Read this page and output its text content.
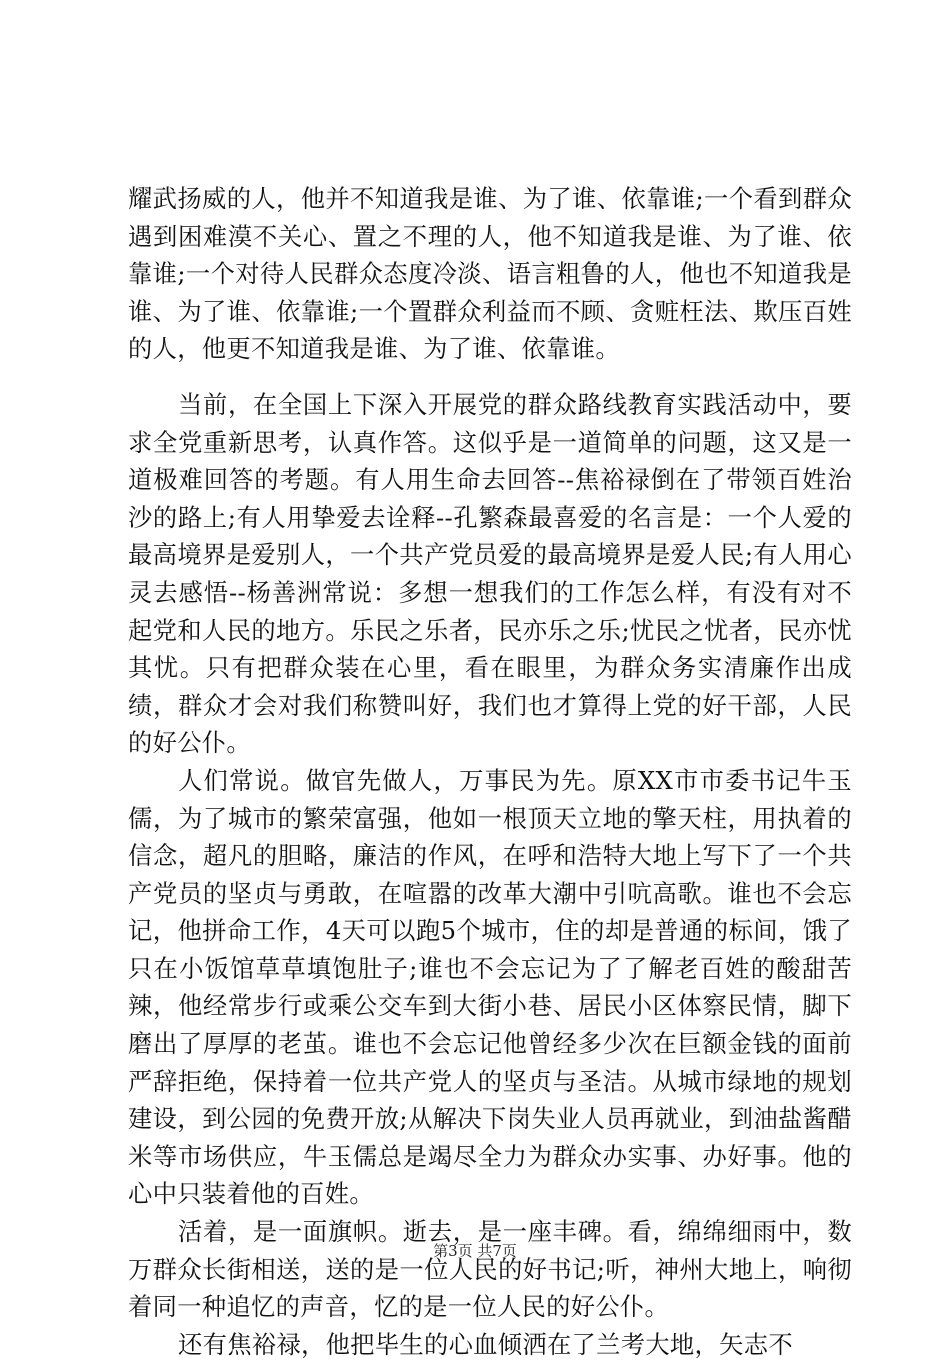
耀武扬威的人，他并不知道我是谁、为了谁、依靠谁;一个看到群众遇到困难漠不关心、置之不理的人，他不知道我是谁、为了谁、依靠谁;一个对待人民群众态度冷淡、语言粗鲁的人，他也不知道我是谁、为了谁、依靠谁;一个置群众利益而不顾、贪赃枉法、欺压百姓的人，他更不知道我是谁、为了谁、依靠谁。

当前，在全国上下深入开展党的群众路线教育实践活动中，要求全党重新思考，认真作答。这似乎是一道简单的问题，这又是一道极难回答的考题。有人用生命去回答--焦裕禄倒在了带领百姓治沙的路上;有人用挚爱去诠释--孔繁森最喜爱的名言是：一个人爱的最高境界是爱别人，一个共产党员爱的最高境界是爱人民;有人用心灵去感悟--杨善洲常说：多想一想我们的工作怎么样，有没有对不起党和人民的地方。乐民之乐者，民亦乐之乐;忧民之忧者，民亦忧其忧。只有把群众装在心里，看在眼里，为群众务实清廉作出成绩，群众才会对我们称赞叫好，我们也才算得上党的好干部，人民的好公仆。

人们常说。做官先做人，万事民为先。原XX市市委书记牛玉儒，为了城市的繁荣富强，他如一根顶天立地的擎天柱，用执着的信念，超凡的胆略，廉洁的作风，在呼和浩特大地上写下了一个共产党员的坚贞与勇敢，在喧嚣的改革大潮中引吭高歌。谁也不会忘记，他拼命工作，4天可以跑5个城市，住的却是普通的标间，饿了只在小饭馆草草填饱肚子;谁也不会忘记为了了解老百姓的酸甜苦辣，他经常步行或乘公交车到大街小巷、居民小区体察民情，脚下磨出了厚厚的老茧。谁也不会忘记他曾经多少次在巨额金钱的面前严辞拒绝，保持着一位共产党人的坚贞与圣洁。从城市绿地的规划建设，到公园的免费开放;从解决下岗失业人员再就业，到油盐酱醋米等市场供应，牛玉儒总是竭尽全力为群众办实事、办好事。他的心中只装着他的百姓。

活着，是一面旗帜。逝去，是一座丰碑。看，绵绵细雨中，数万群众长街相送，送的是一位人民的好书记;听，神州大地上，响彻着同一种追忆的声音，忆的是一位人民的好公仆。

还有焦裕禄，他把毕生的心血倾洒在了兰考大地，矢志不

第3页 共7页
